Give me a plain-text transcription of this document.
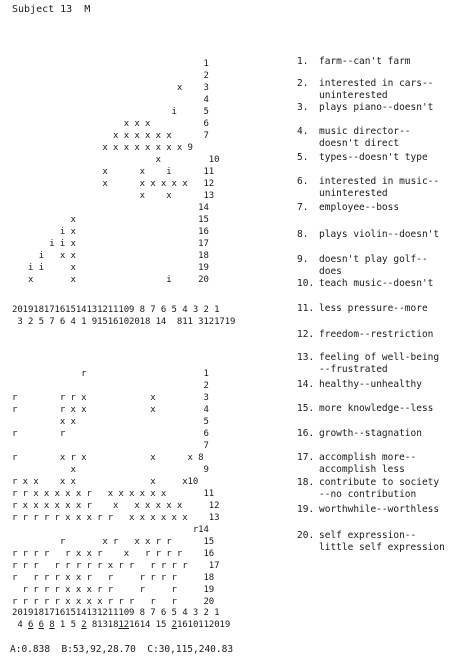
Subject 13  M
1
2
x    3
4
i     5
x x x          6
x x x x x x      7
x x x x x x x x 9
x         10
x      x    i      11
x      x x x x x   12
x    x      13
14
x                       15
i x                       16
i i x                       17
i   x x                       18
i i     x                       19
x       x                 i     20
20191817161514131211109 8 7 6 5 4 3 2 1
3 2 5 7 6 4 1 91516102018 14  811 3121719
r                      1
2
r        r r x            x         3
r        r x x            x         4
x x                        5
r        r                          6
7
r        x r x            x      x 8
x                        9
r x x    x x              x     x10
r r x x x x x r   x x x x x x       11
r x x x x x x r    x   x x x x x     12
r r r r r x x x r r   x x x x x x    13
r14
r       x r   x x r r      15
r r r r   r x x r    x   r r r r    16
r r r   r r r r r x r r   r r r r    17
r   r r r x x r   r     r r r r     18
r r r r x x x r r     r     r     19
r r r r r x x x x r r r   r   r     20
20191817161514131211109 8 7 6 5 4 3 2 1
4 6 6 8 1 5 2 81318121614 15 21610112019
1.	farm--can't farm
2.	interested in cars--
uninterested
3.	plays piano--doesn't
4.	music director--
doesn't direct
5.	types--doesn't type
6.	interested in music--
uninterested
7.	employee--boss
8.	plays violin--doesn't
9.	doesn't play golf--
does
10. teach music--doesn't
11. less pressure--more
12. freedom--restriction
13. feeling of well-being
--frustrated
14. healthy--unhealthy
15. more knowledge--less
16. growth--stagnation
17. accomplish more--
accomplish less
18. contribute to society
--no contribution
19. worthwhile--worthless
20. self expression--
little self expression
A:0.838  B:53,92,28.70  C:30,115,240.83
